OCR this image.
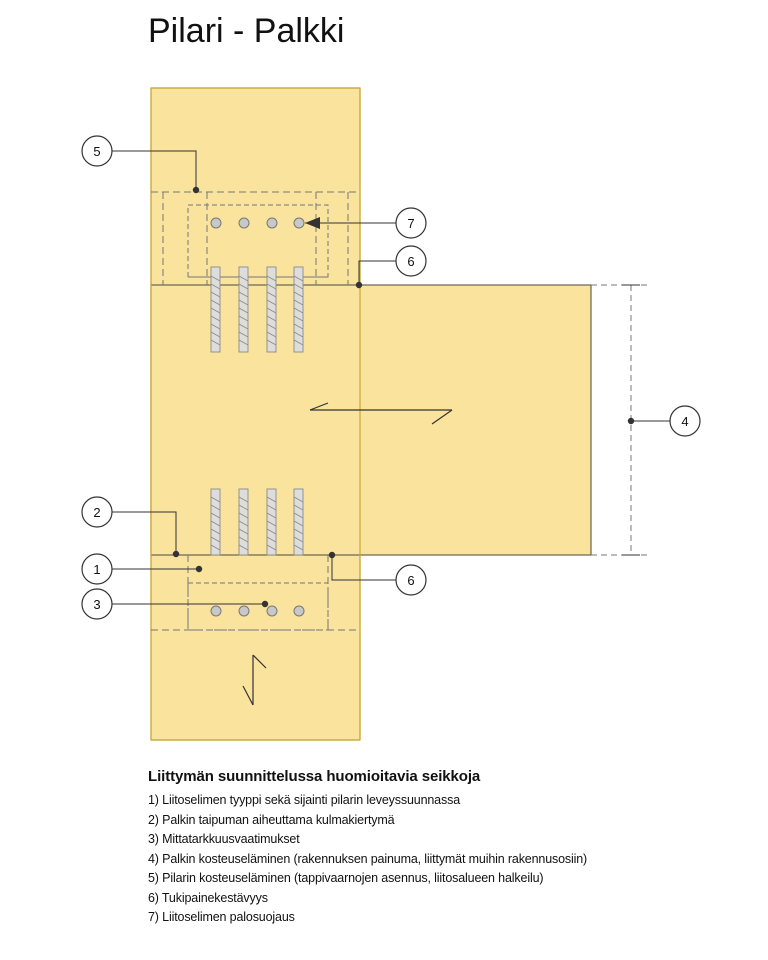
Pilari - Palkki
5
7
6
4
2
1
3
6
Liittymän suunnittelussa huomioitavia seikkoja
1) Liitoselimen tyyppi sekä sijainti pilarin leveyssuunnassa
2) Palkin taipuman aiheuttama kulmakiertymä
3) Mittatarkkuusvaatimukset
4) Palkin kosteuseläminen (rakennuksen painuma, liittymät muihin rakennusosiin)
5) Pilarin kosteuseläminen (tappivaarnojen asennus, liitosalueen halkeilu)
6) Tukipainekestävyys
7) Liitoselimen palosuojaus
